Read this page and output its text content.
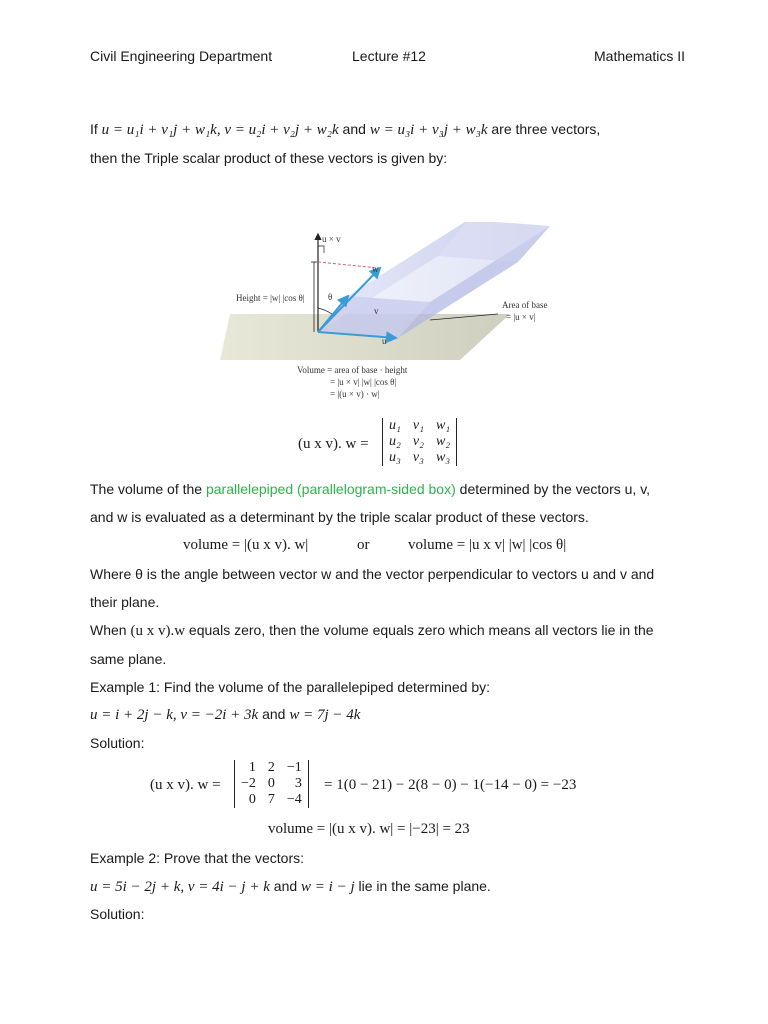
Civil Engineering Department	Lecture #12	Mathematics II
If u = u₁i + v₁j + w₁k, v = u₂i + v₂j + w₂k and w = u₃i + v₃j + w₃k are three vectors,
then the Triple scalar product of these vectors is given by:
u × v
w
v
u
θ
Height = |w| |cos θ|
Area of base
= |u × v|
Volume = area of base · height
= |u × v| |w| |cos θ|
= |(u × v) · w|
(u x v). w =
u₁	v₁	w₁
u₂	v₂	w₂
u₃	v₃	w₃
The volume of the parallelepiped (parallelogram-sided box) determined by the vectors u, v,
and w is evaluated as a determinant by the triple scalar product of these vectors.
volume = |(u x v). w|	or	volume = |u x v| |w| |cos θ|
Where θ is the angle between vector w and the vector perpendicular to vectors u and v and
their plane.
When (u x v).w equals zero, then the volume equals zero which means all vectors lie in the
same plane.
Example 1: Find the volume of the parallelepiped determined by:
u = i + 2j − k, v = −2i + 3k and w = 7j − 4k
Solution:
(u x v). w =
1	2	−1
−2	0	3
0	7	−4
= 1(0 − 21) − 2(8 − 0) − 1(−14 − 0) = −23
volume = |(u x v). w| = |−23| = 23
Example 2: Prove that the vectors:
u = 5i − 2j + k, v = 4i − j + k and w = i − j lie in the same plane.
Solution:
